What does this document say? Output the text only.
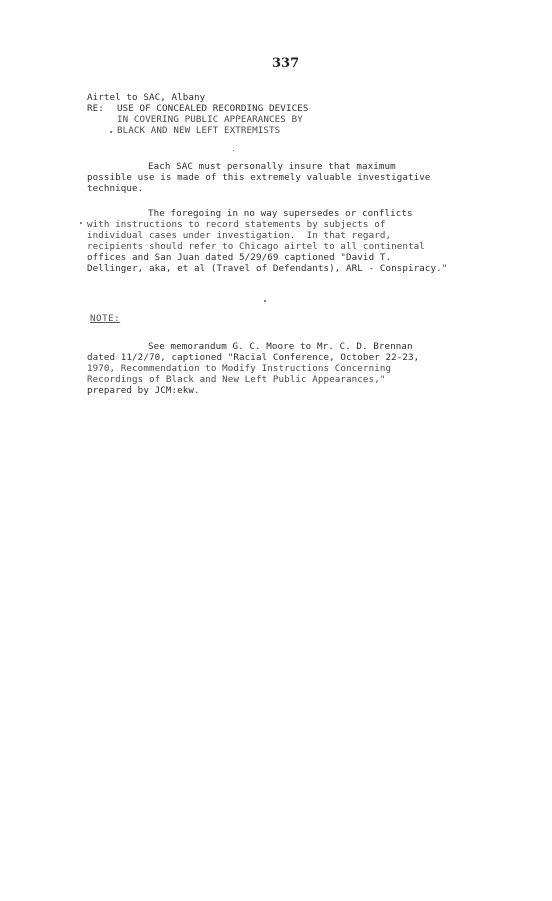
337
Airtel to SAC, Albany
RE: USE OF CONCEALED RECORDING DEVICES
IN COVERING PUBLIC APPEARANCES BY
BLACK AND NEW LEFT EXTREMISTS
Each SAC must personally insure that maximum
possible use is made of this extremely valuable investigative
technique.
The foregoing in no way supersedes or conflicts
with instructions to record statements by subjects of
individual cases under investigation.  In that regard,
recipients should refer to Chicago airtel to all continental
offices and San Juan dated 5/29/69 captioned "David T.
Dellinger, aka, et al (Travel of Defendants), ARL - Conspiracy."
NOTE:
See memorandum G. C. Moore to Mr. C. D. Brennan
dated 11/2/70, captioned "Racial Conference, October 22-23,
1970, Recommendation to Modify Instructions Concerning
Recordings of Black and New Left Public Appearances,"
prepared by JCM:ekw.
